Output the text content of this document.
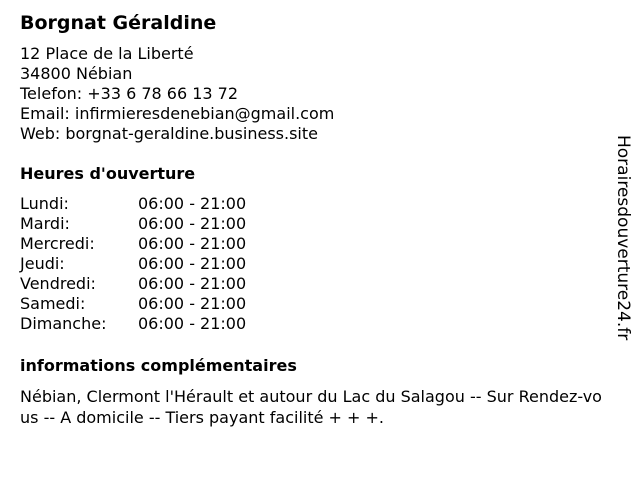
Borgnat Géraldine
12 Place de la Liberté
34800 Nébian
Telefon: +33 6 78 66 13 72
Email: infirmieresdenebian@gmail.com
Web: borgnat-geraldine.business.site
Heures d'ouverture
Lundi:	06:00 - 21:00
Mardi:	06:00 - 21:00
Mercredi:	06:00 - 21:00
Jeudi:	06:00 - 21:00
Vendredi:	06:00 - 21:00
Samedi:	06:00 - 21:00
Dimanche:	06:00 - 21:00
informations complémentaires
Nébian, Clermont l'Hérault et autour du Lac du Salagou -- Sur Rendez-vous -- A domicile -- Tiers payant facilité + + +.
Horairesdouverture24.fr
